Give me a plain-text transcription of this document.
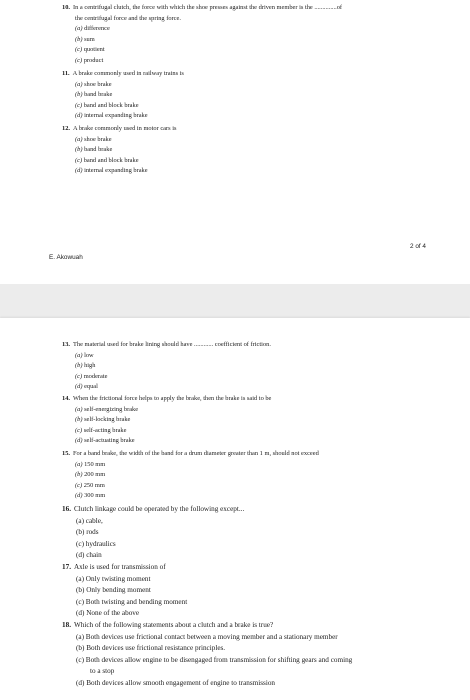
10. In a centrifugal clutch, the force with which the shoe presses against the driven member is the ..............of
the centrifugal force and the spring force.
(a) difference
(b) sum
(c) quotient
(c) product
11. A brake commonly used in railway trains is
(a) shoe brake
(b) band brake
(c) band and block brake
(d) internal expanding brake
12. A brake commonly used in motor cars is
(a) shoe brake
(b) band brake
(c) band and block brake
(d) internal expanding brake
2 of 4
E. Akowuah
13. The material used for brake lining should have ............ coefficient of friction.
(a) low
(b) high
(c) moderate
(d) equal
14. When the frictional force helps to apply the brake, then the brake is said to be
(a) self-energizing brake
(b) self-locking brake
(c) self-acting brake
(d) self-actuating brake
15. For a band brake, the width of the band for a drum diameter greater than 1 m, should not exceed
(a) 150 mm
(b) 200 mm
(c) 250 mm
(d) 300 mm
16. Clutch linkage could be operated by the following except...
(a) cable,
(b) rods
(c) hydraulics
(d) chain
17. Axle is used for transmission of
(a) Only twisting moment
(b) Only bending moment
(c) Both twisting and bending moment
(d) None of the above
18. Which of the following statements about a clutch and a brake is true?
(a) Both devices use frictional contact between a moving member and a stationary member
(b) Both devices use frictional resistance principles.
(c) Both devices allow engine to be disengaged from transmission for shifting gears and coming
to a stop
(d) Both devices allow smooth engagement of engine to transmission
